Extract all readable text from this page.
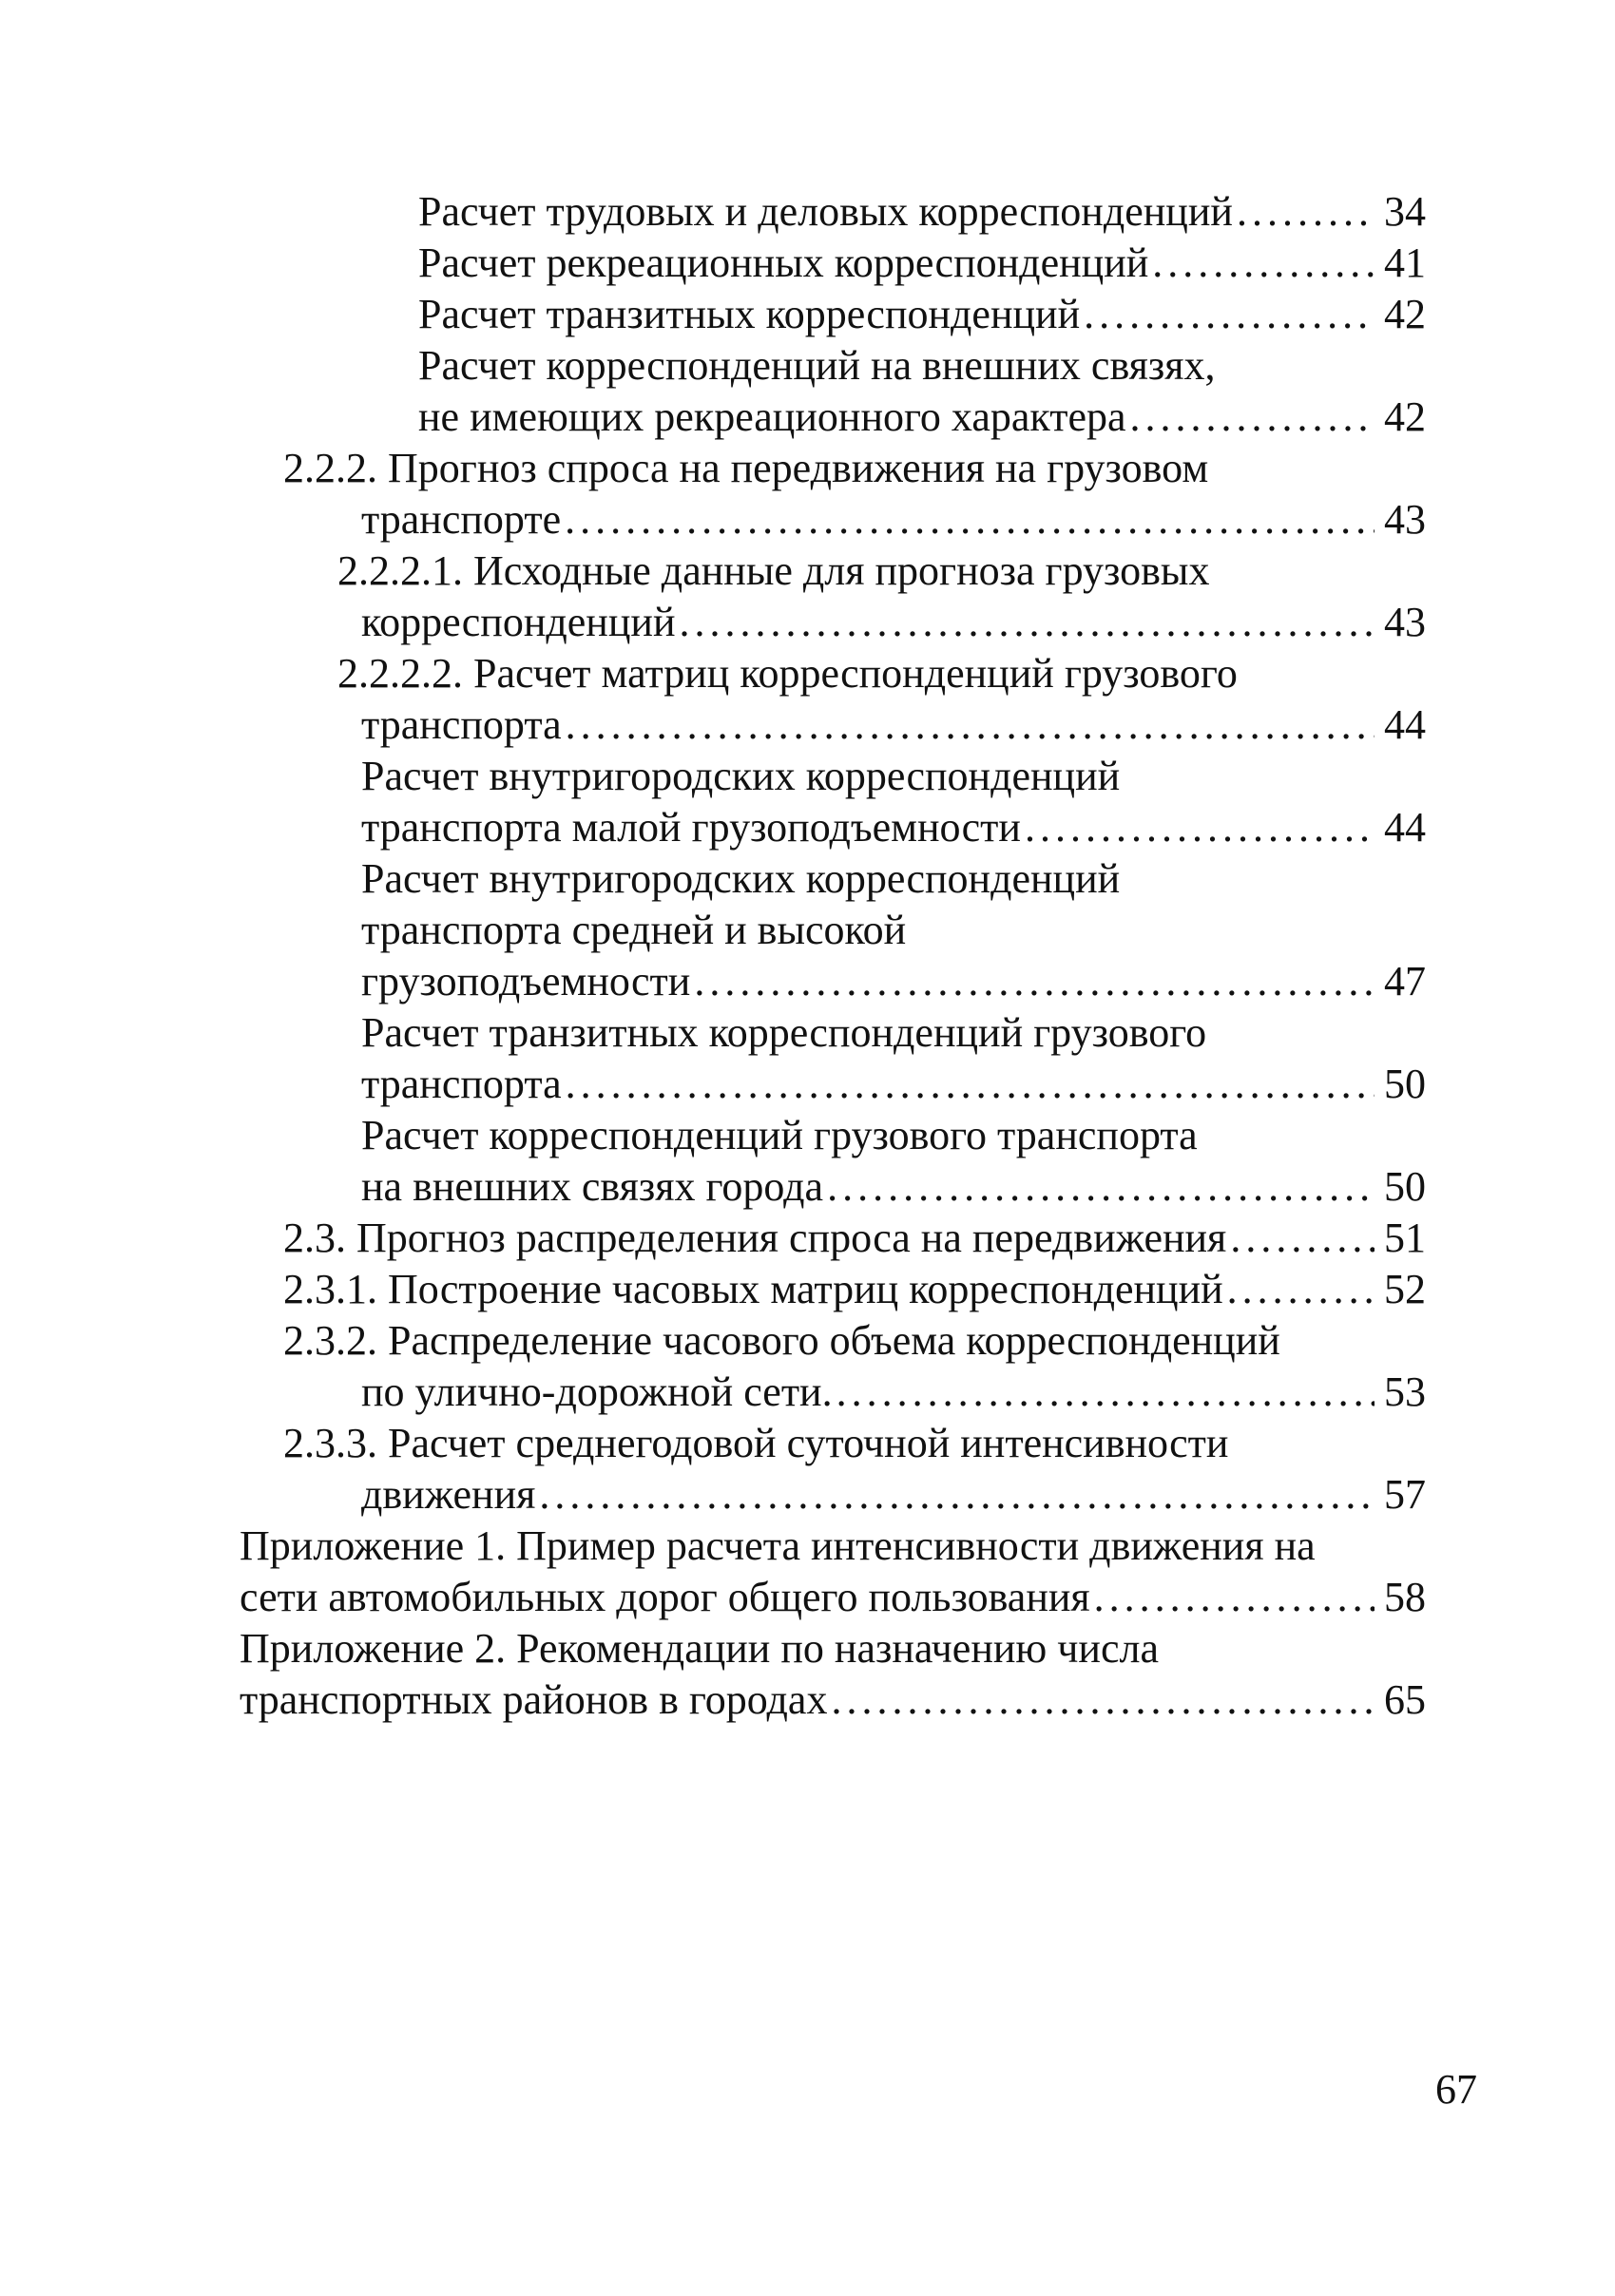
Расчет трудовых и деловых корреспонденций . . .	34
Расчет рекреационных корреспонденций . . .	41
Расчет транзитных корреспонденций . . .	42
Расчет корреспонденций на внешних связях,
не имеющих рекреационного характера . . .	42
2.2.2. Прогноз спроса на передвижения на грузовом
транспорте . . .	43
2.2.2.1. Исходные данные для прогноза грузовых
корреспонденций . . .	43
2.2.2.2. Расчет матриц корреспонденций грузового
транспорта . . .	44
Расчет внутригородских корреспонденций
транспорта малой грузоподъемности . . .	44
Расчет внутригородских корреспонденций
транспорта средней и высокой
грузоподъемности . . .	47
Расчет транзитных корреспонденций грузового
транспорта . . .	50
Расчет корреспонденций грузового транспорта
на внешних связях города . . .	50
2.3. Прогноз распределения спроса на передвижения . . .	51
2.3.1. Построение часовых матриц корреспонденций . . .	52
2.3.2. Распределение часового объема корреспонденций
по улично-дорожной сети. . . .	53
2.3.3. Расчет среднегодовой суточной интенсивности
движения . . .	57
Приложение 1. Пример расчета интенсивности движения на
сети автомобильных дорог общего пользования . . .	58
Приложение 2. Рекомендации по назначению числа
транспортных районов в городах . . .	65
67
